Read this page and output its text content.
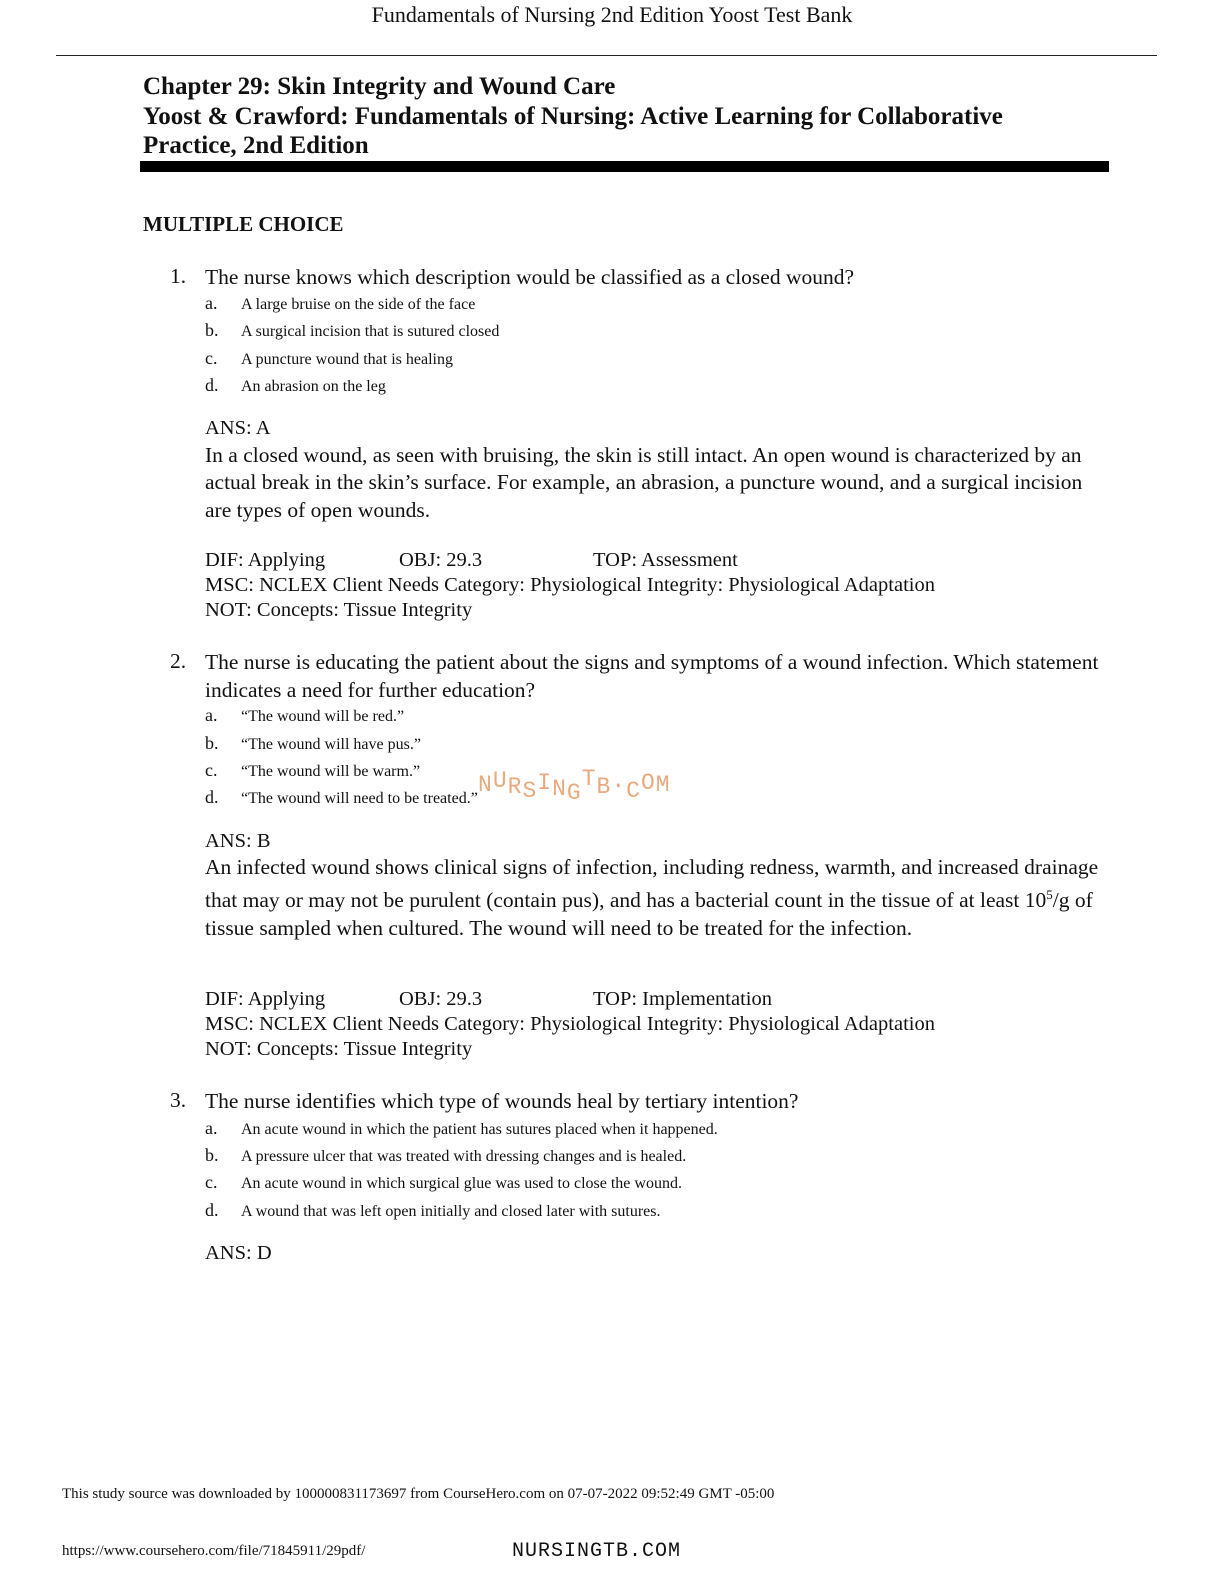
Fundamentals of Nursing 2nd Edition Yoost Test Bank
Chapter 29: Skin Integrity and Wound Care
Yoost & Crawford: Fundamentals of Nursing: Active Learning for Collaborative
Practice, 2nd Edition
MULTIPLE CHOICE
1. The nurse knows which description would be classified as a closed wound?
a. A large bruise on the side of the face
b. A surgical incision that is sutured closed
c. A puncture wound that is healing
d. An abrasion on the leg
ANS: A
In a closed wound, as seen with bruising, the skin is still intact. An open wound is characterized by an actual break in the skin’s surface. For example, an abrasion, a puncture wound, and a surgical incision are types of open wounds.
DIF: Applying	OBJ: 29.3	TOP: Assessment
MSC: NCLEX Client Needs Category: Physiological Integrity: Physiological Adaptation
NOT: Concepts: Tissue Integrity
2. The nurse is educating the patient about the signs and symptoms of a wound infection. Which statement indicates a need for further education?
a. “The wound will be red.”
b. “The wound will have pus.”
c. “The wound will be warm.”
d. “The wound will need to be treated.”
ANS: B
An infected wound shows clinical signs of infection, including redness, warmth, and increased drainage that may or may not be purulent (contain pus), and has a bacterial count in the tissue of at least $10^5/g$ of tissue sampled when cultured. The wound will need to be treated for the infection.
DIF: Applying	OBJ: 29.3	TOP: Implementation
MSC: NCLEX Client Needs Category: Physiological Integrity: Physiological Adaptation
NOT: Concepts: Tissue Integrity
3. The nurse identifies which type of wounds heal by tertiary intention?
a. An acute wound in which the patient has sutures placed when it happened.
b. A pressure ulcer that was treated with dressing changes and is healed.
c. An acute wound in which surgical glue was used to close the wound.
d. A wound that was left open initially and closed later with sutures.
ANS: D
NURSINGTB.COM
This study source was downloaded by 100000831173697 from CourseHero.com on 07-07-2022 09:52:49 GMT -05:00
https://www.coursehero.com/file/71845911/29pdf/	NURSINGTB.COM
